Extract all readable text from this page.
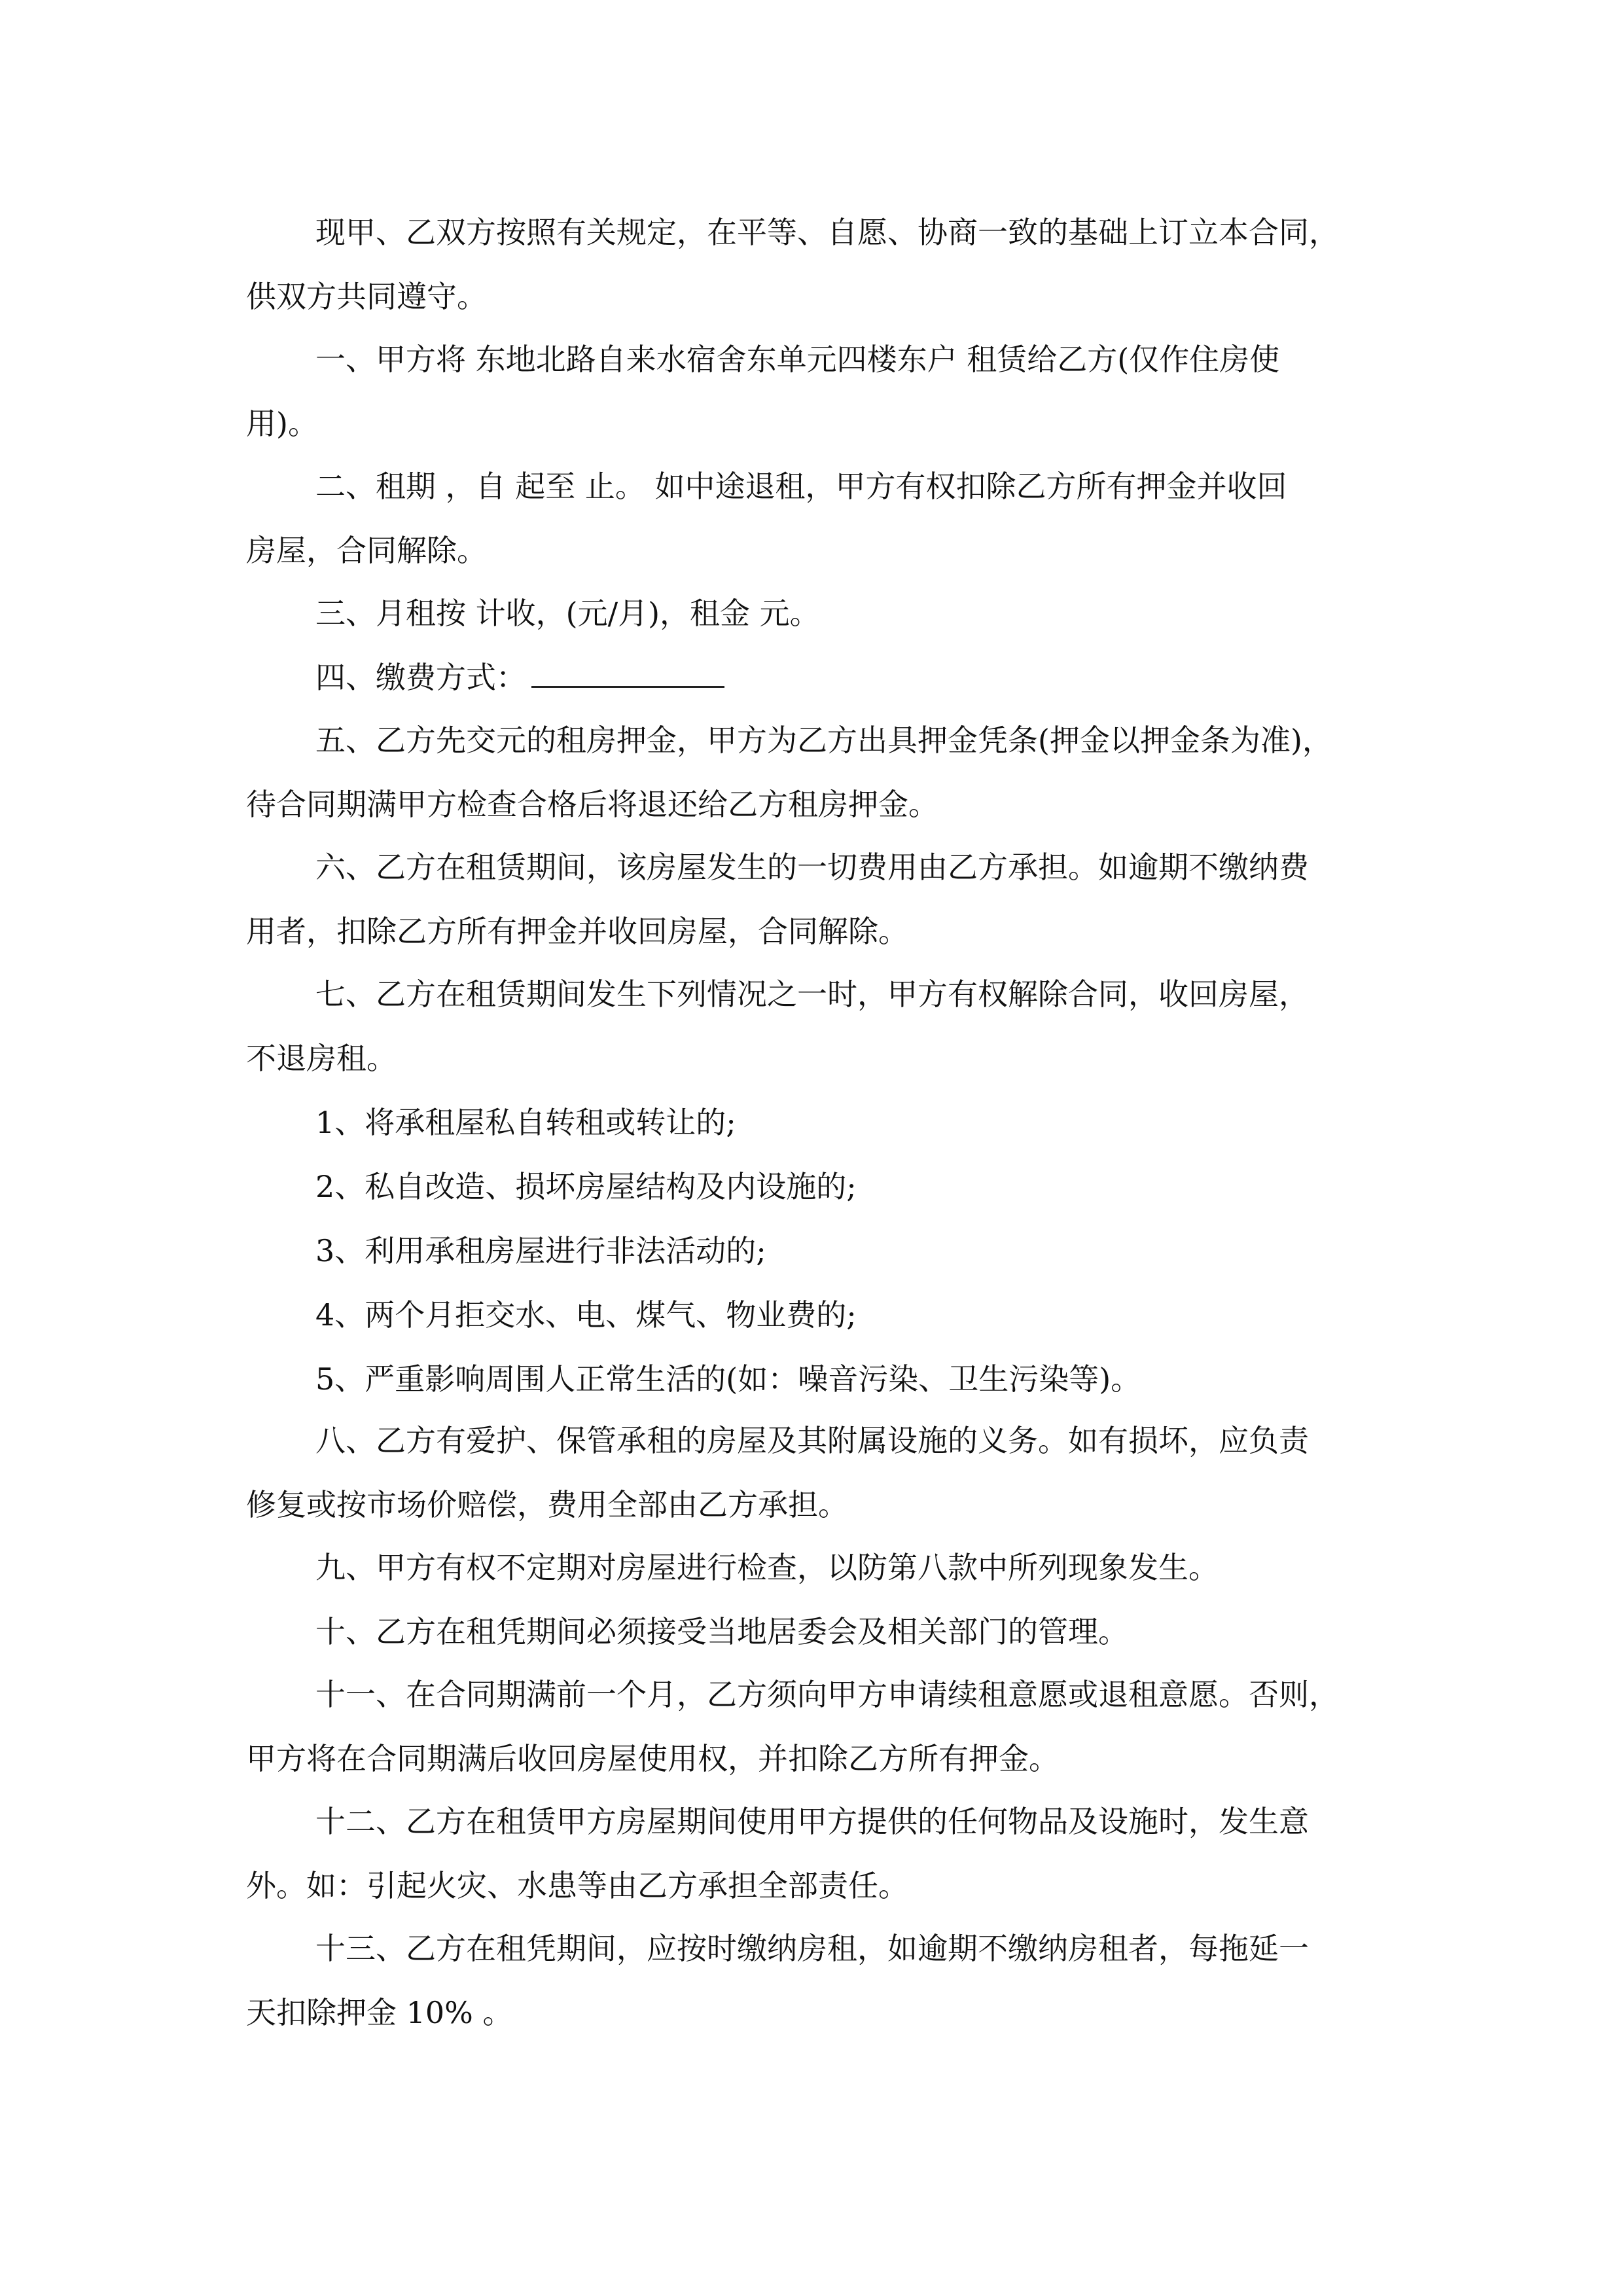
现甲、乙双方按照有关规定，在平等、自愿、协商一致的基础上订立本合同，
供双方共同遵守。
一、甲方将 东地北路自来水宿舍东单元四楼东户 租赁给乙方(仅作住房使
用)。
二、租期 ，自 起至 止。 如中途退租，甲方有权扣除乙方所有押金并收回
房屋，合同解除。
三、月租按 计收，(元/月)，租金 元。
四、缴费方式：
五、乙方先交元的租房押金，甲方为乙方出具押金凭条(押金以押金条为准)，
待合同期满甲方检查合格后将退还给乙方租房押金。
六、乙方在租赁期间，该房屋发生的一切费用由乙方承担。如逾期不缴纳费
用者，扣除乙方所有押金并收回房屋，合同解除。
七、乙方在租赁期间发生下列情况之一时，甲方有权解除合同，收回房屋，
不退房租。
1、将承租屋私自转租或转让的;
2、私自改造、损坏房屋结构及内设施的;
3、利用承租房屋进行非法活动的;
4、两个月拒交水、电、煤气、物业费的;
5、严重影响周围人正常生活的(如：噪音污染、卫生污染等)。
八、乙方有爱护、保管承租的房屋及其附属设施的义务。如有损坏，应负责
修复或按市场价赔偿，费用全部由乙方承担。
九、甲方有权不定期对房屋进行检查，以防第八款中所列现象发生。
十、乙方在租凭期间必须接受当地居委会及相关部门的管理。
十一、在合同期满前一个月，乙方须向甲方申请续租意愿或退租意愿。否则，
甲方将在合同期满后收回房屋使用权，并扣除乙方所有押金。
十二、乙方在租赁甲方房屋期间使用甲方提供的任何物品及设施时，发生意
外。如：引起火灾、水患等由乙方承担全部责任。
十三、乙方在租凭期间，应按时缴纳房租，如逾期不缴纳房租者，每拖延一
天扣除押金 10% 。
